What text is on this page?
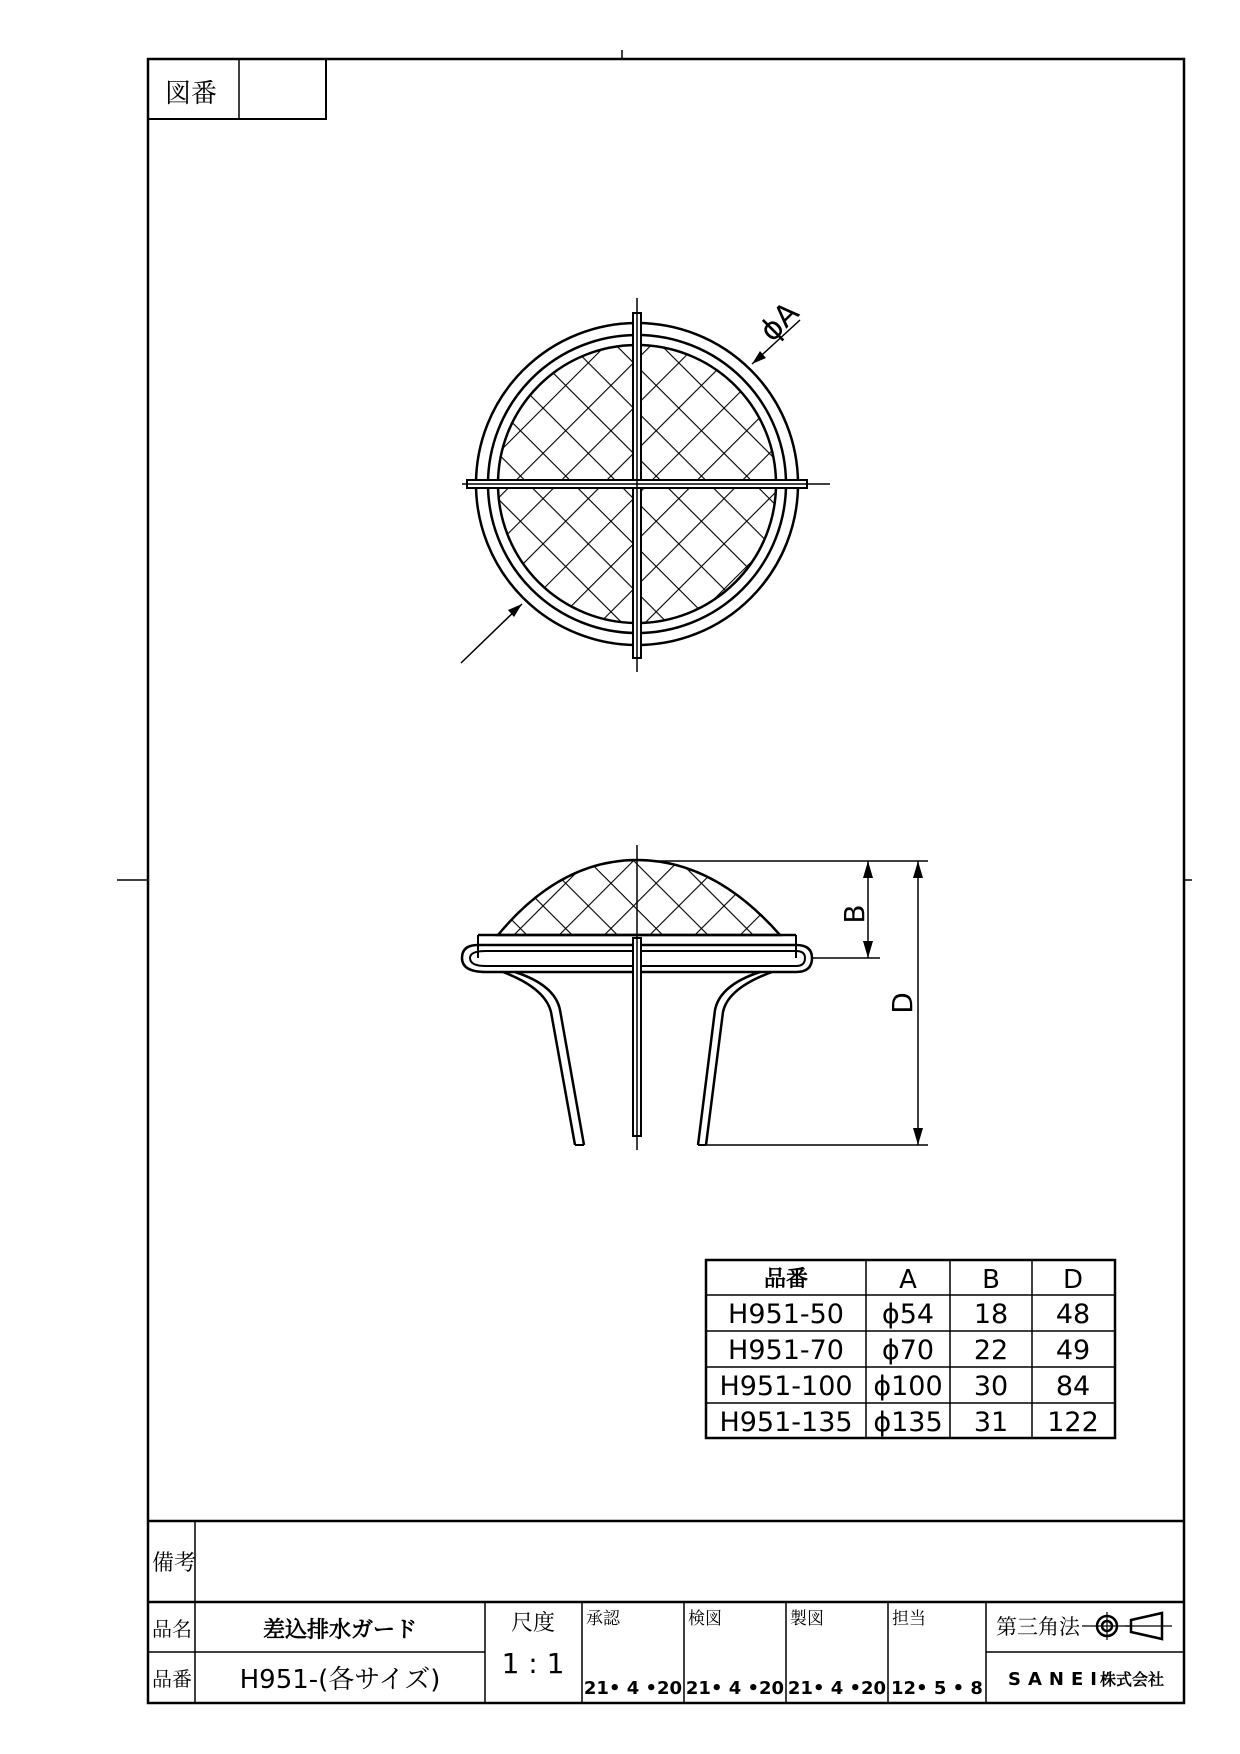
図番
ϕA
B
D
品番	A	B D
H951-50 ϕ54 18 48
H951-70 ϕ70 22 49
H951-100 ϕ100 30 84
H951-135 ϕ135 31 122
備考
品名	差込排水ガード
品番 H951-(各サイズ)
尺度
1 : 1
承認
21• 4 •20
検図
21• 4 •20
製図
21• 4 •20
担当
12• 5 • 8
第三角法
SANEI
株式会社
